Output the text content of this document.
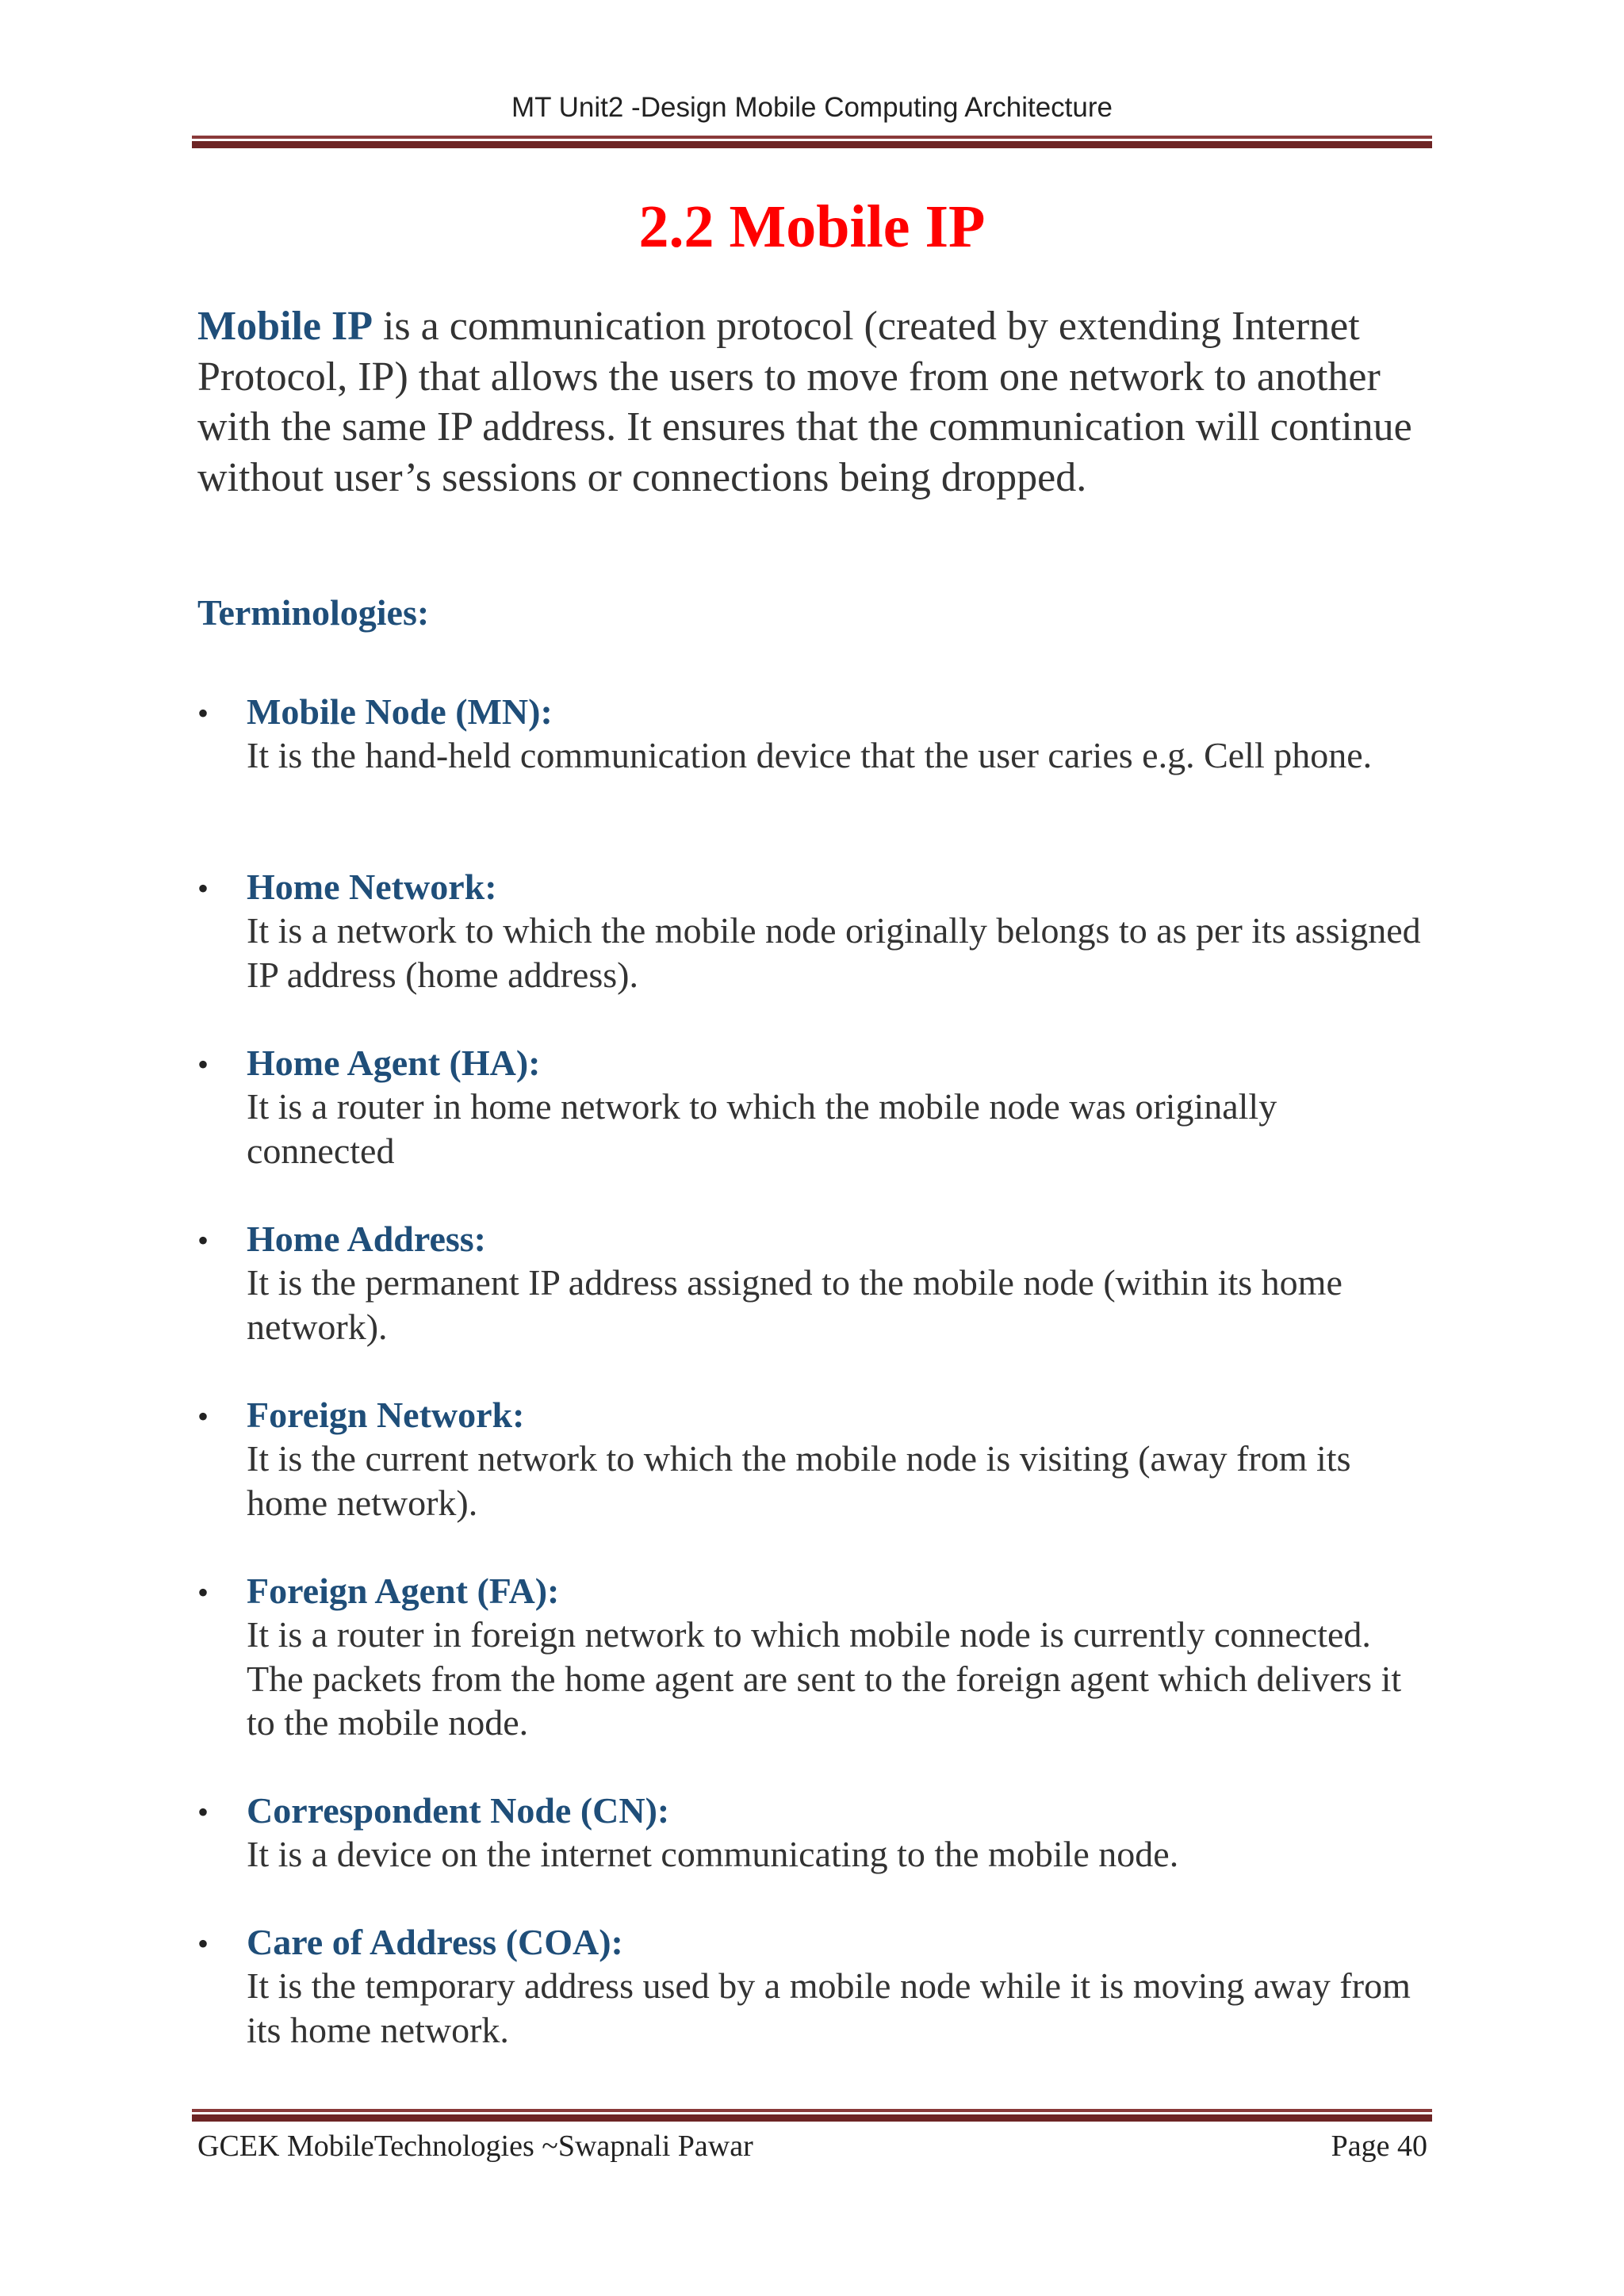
MT Unit2 -Design Mobile Computing Architecture
2.2 Mobile IP
Mobile IP is a communication protocol (created by extending Internet Protocol, IP) that allows the users to move from one network to another with the same IP address. It ensures that the communication will continue without user’s sessions or connections being dropped.
Terminologies:
• Mobile Node (MN):
It is the hand-held communication device that the user caries e.g. Cell phone.
• Home Network:
It is a network to which the mobile node originally belongs to as per its assigned IP address (home address).
• Home Agent (HA):
It is a router in home network to which the mobile node was originally connected
• Home Address:
It is the permanent IP address assigned to the mobile node (within its home network).
• Foreign Network:
It is the current network to which the mobile node is visiting (away from its home network).
• Foreign Agent (FA):
It is a router in foreign network to which mobile node is currently connected. The packets from the home agent are sent to the foreign agent which delivers it to the mobile node.
• Correspondent Node (CN):
It is a device on the internet communicating to the mobile node.
• Care of Address (COA):
It is the temporary address used by a mobile node while it is moving away from its home network.
GCEK MobileTechnologies ~Swapnali Pawar	Page 40
